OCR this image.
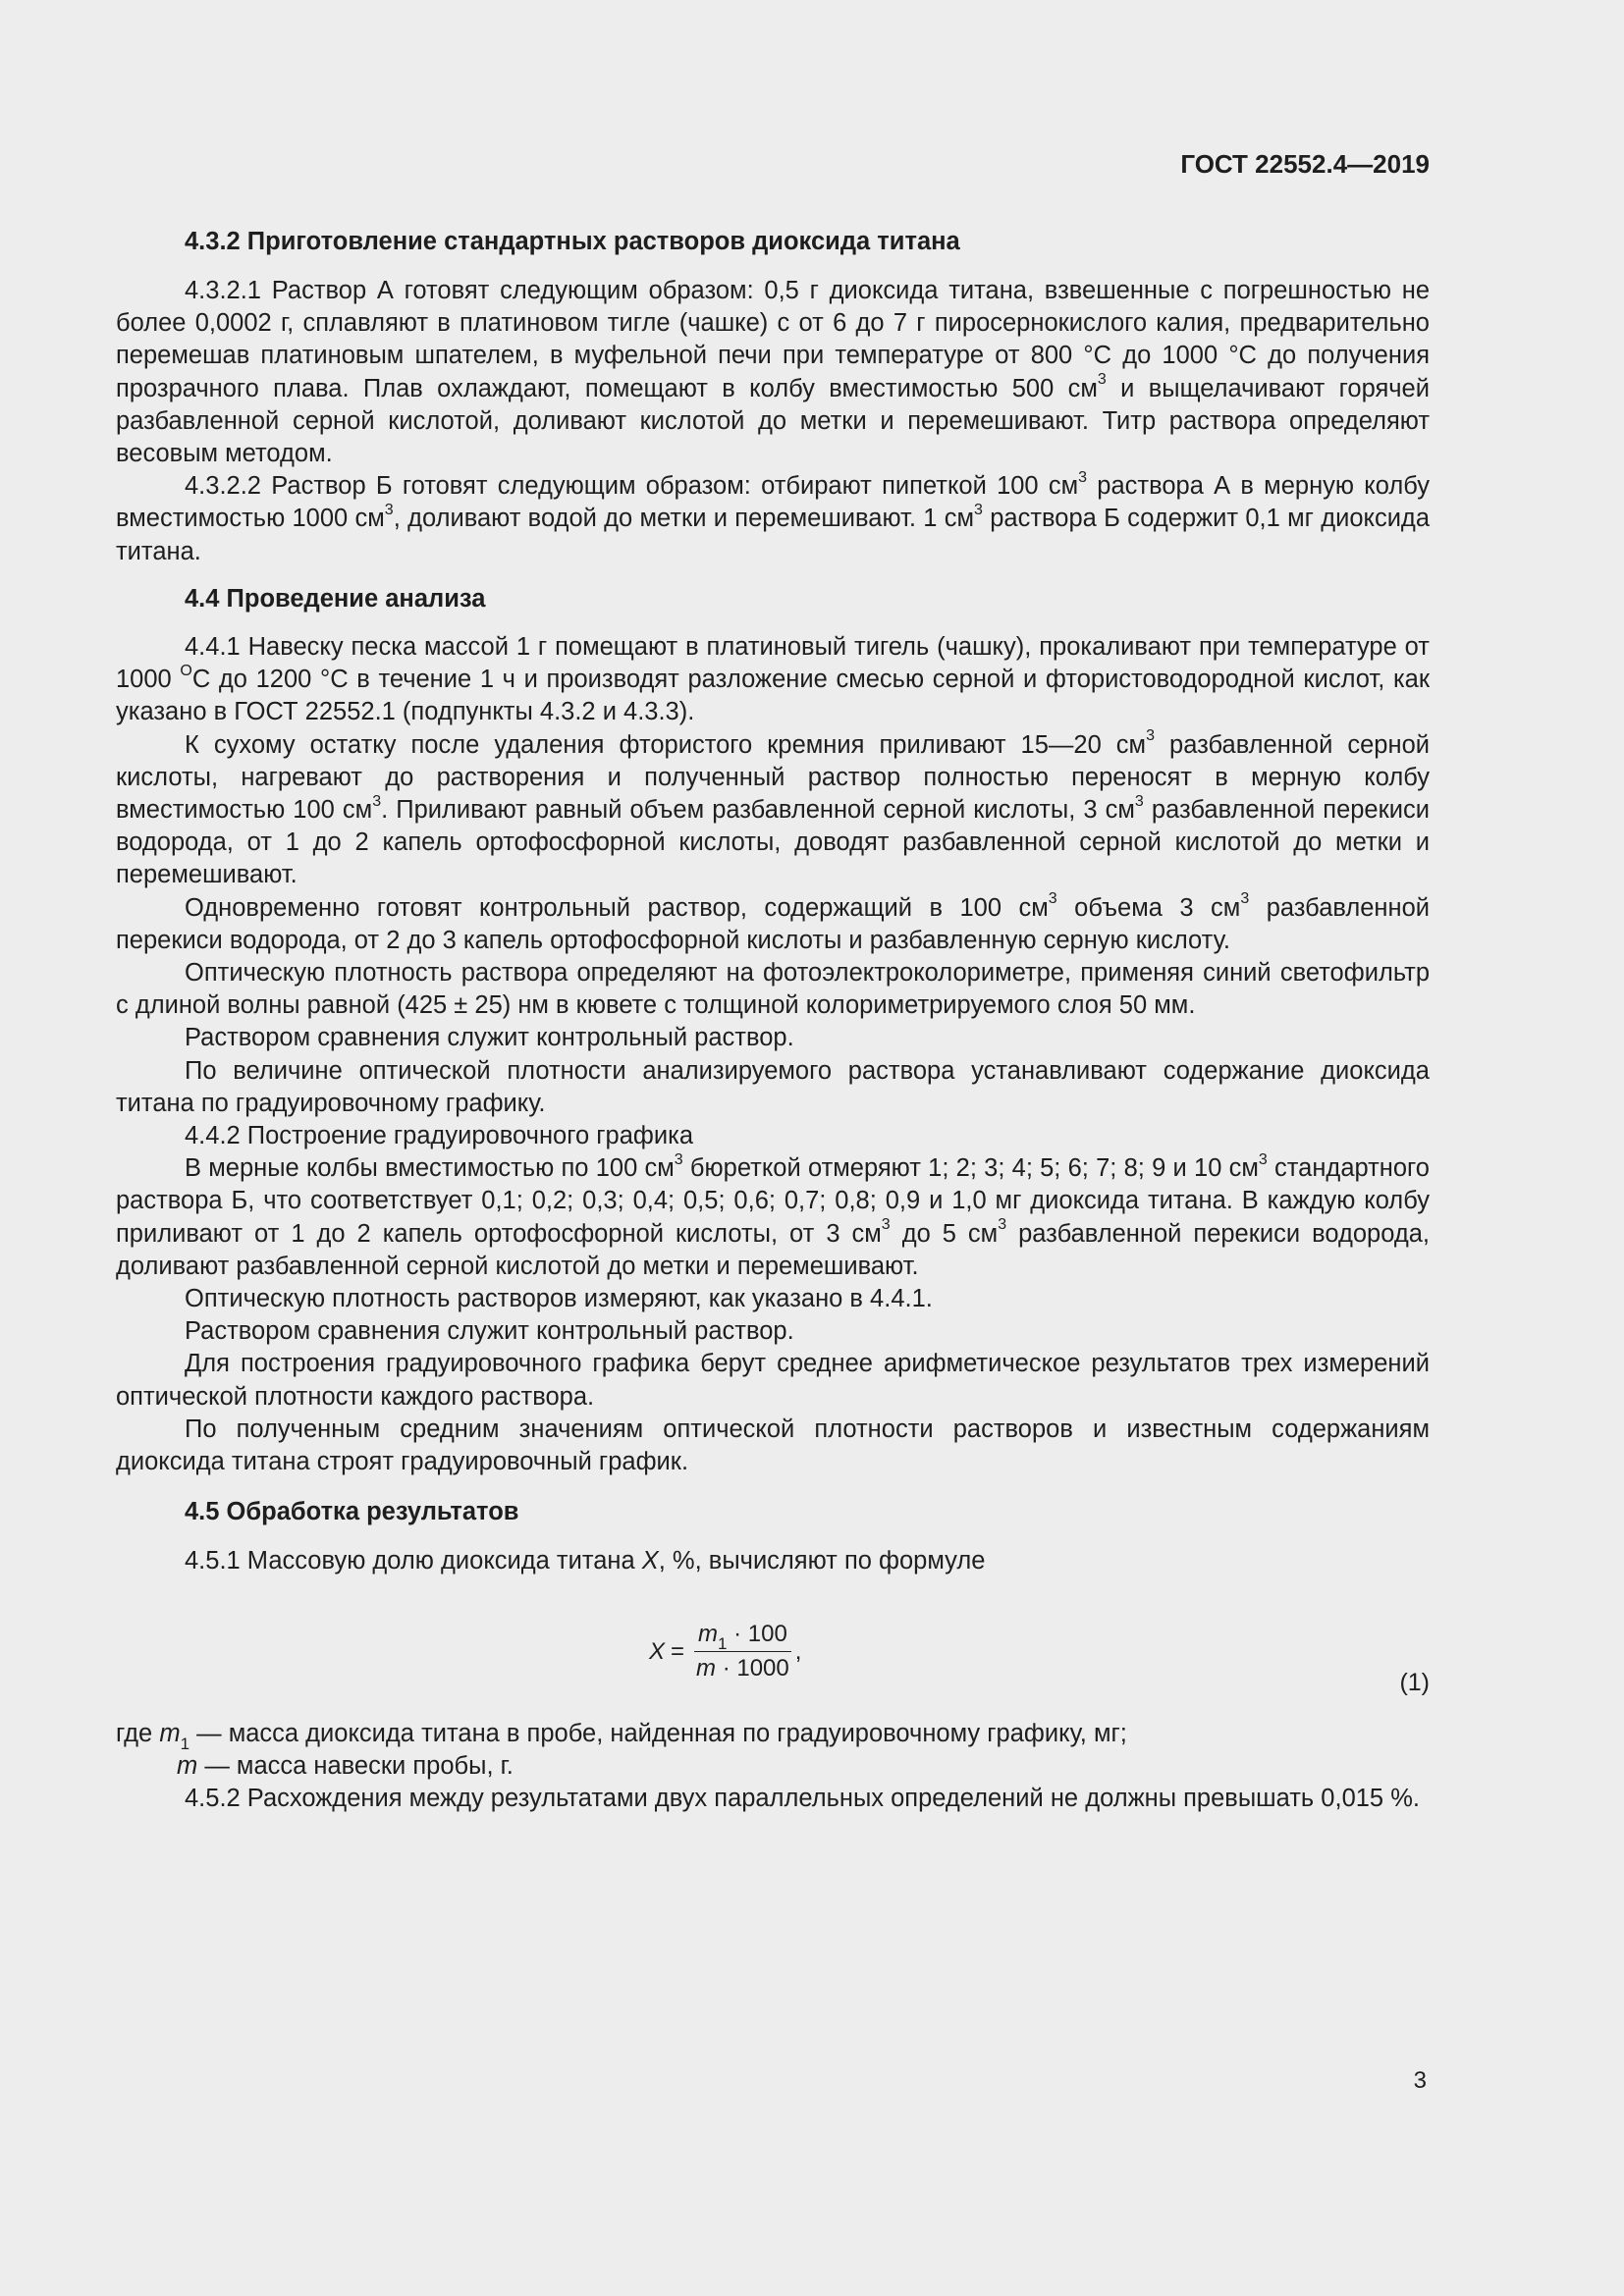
ГОСТ 22552.4—2019
4.3.2 Приготовление стандартных растворов диоксида титана

4.3.2.1 Раствор А готовят следующим образом: 0,5 г диоксида титана, взвешенные с погрешностью не более 0,0002 г, сплавляют в платиновом тигле (чашке) с от 6 до 7 г пиросернокислого калия, предварительно перемешав платиновым шпателем, в муфельной печи при температуре от 800 °С до 1000 °С до получения прозрачного плава. Плав охлаждают, помещают в колбу вместимостью 500 $см^3$ и выщелачивают горячей разбавленной серной кислотой, доливают кислотой до метки и перемешивают. Титр раствора определяют весовым методом.

4.3.2.2 Раствор Б готовят следующим образом: отбирают пипеткой 100 $см^3$ раствора А в мерную колбу вместимостью 1000 $см^3$, доливают водой до метки и перемешивают. 1 $см^3$ раствора Б содержит 0,1 мг диоксида титана.

4.4 Проведение анализа

4.4.1 Навеску песка массой 1 г помещают в платиновый тигель (чашку), прокаливают при температуре от 1000 $^О$С до 1200 °С в течение 1 ч и производят разложение смесью серной и фтористоводородной кислот, как указано в ГОСТ 22552.1 (подпункты 4.3.2 и 4.3.3).

К сухому остатку после удаления фтористого кремния приливают 15—20 $см^3$ разбавленной серной кислоты, нагревают до растворения и полученный раствор полностью переносят в мерную колбу вместимостью 100 $см^3$. Приливают равный объем разбавленной серной кислоты, 3 $см^3$ разбавленной перекиси водорода, от 1 до 2 капель ортофосфорной кислоты, доводят разбавленной серной кислотой до метки и перемешивают.

Одновременно готовят контрольный раствор, содержащий в 100 $см^3$ объема 3 $см^3$ разбавленной перекиси водорода, от 2 до 3 капель ортофосфорной кислоты и разбавленную серную кислоту.

Оптическую плотность раствора определяют на фотоэлектроколориметре, применяя синий светофильтр с длиной волны равной (425 ± 25) нм в кювете с толщиной колориметрируемого слоя 50 мм.

Раствором сравнения служит контрольный раствор.

По величине оптической плотности анализируемого раствора устанавливают содержание диоксида титана по градуировочному графику.

4.4.2 Построение градуировочного графика

В мерные колбы вместимостью по 100 $см^3$ бюреткой отмеряют 1; 2; 3; 4; 5; 6; 7; 8; 9 и 10 $см^3$ стандартного раствора Б, что соответствует 0,1; 0,2; 0,3; 0,4; 0,5; 0,6; 0,7; 0,8; 0,9 и 1,0 мг диоксида титана. В каждую колбу приливают от 1 до 2 капель ортофосфорной кислоты, от 3 $см^3$ до 5 $см^3$ разбавленной перекиси водорода, доливают разбавленной серной кислотой до метки и перемешивают.

Оптическую плотность растворов измеряют, как указано в 4.4.1.

Раствором сравнения служит контрольный раствор.

Для построения градуировочного графика берут среднее арифметическое результатов трех измерений оптической плотности каждого раствора.

По полученным средним значениям оптической плотности растворов и известным содержаниям диоксида титана строят градуировочный график.

4.5 Обработка результатов

4.5.1 Массовую долю диоксида титана X, %, вычисляют по формуле

$X = \frac{m_1 \cdot 100}{m \cdot 1000}$ ,
(1)

где $m_1$ — масса диоксида титана в пробе, найденная по градуировочному графику, мг;

m — масса навески пробы, г.

4.5.2 Расхождения между результатами двух параллельных определений не должны превышать 0,015 %.

3
